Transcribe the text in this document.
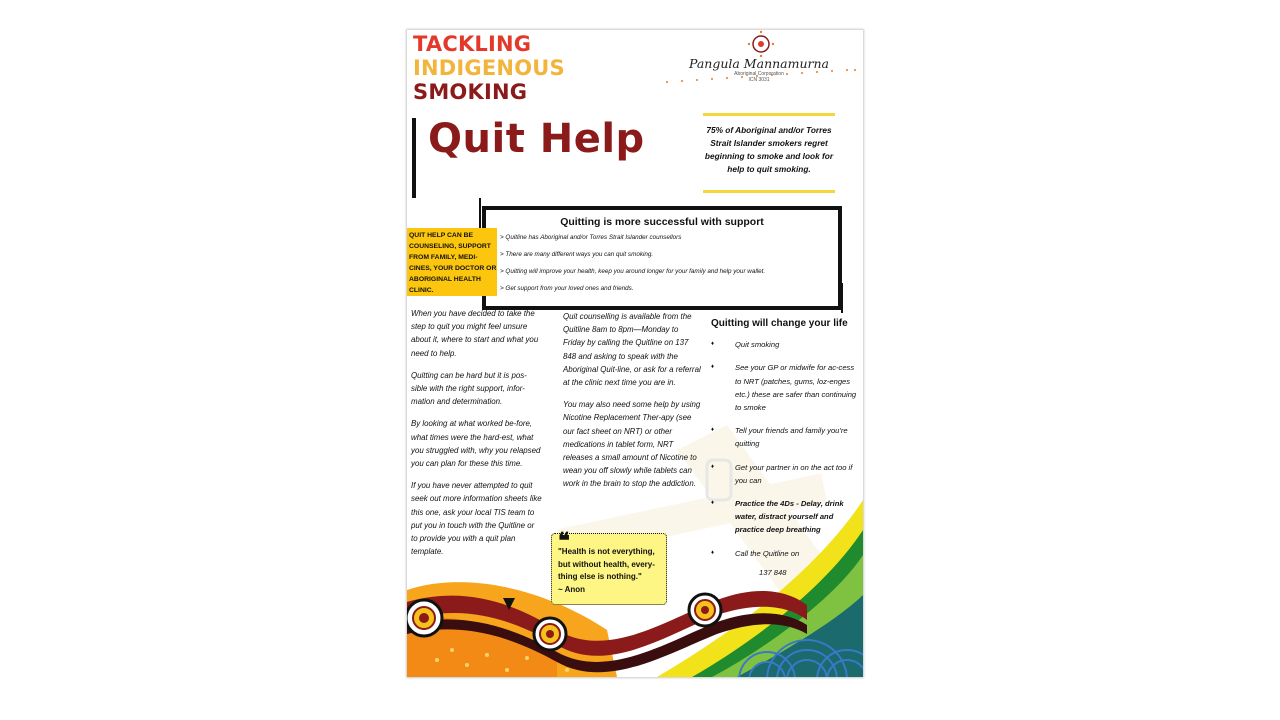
TACKLING
INDIGENOUS
SMOKING
Pangula Mannamurna
Aboriginal Corporation
ICN 3031
Quit Help	75% of Aboriginal and/or Torres Strait Islander smokers regret beginning to smoke and look for help to quit smoking.
Quitting is more successful with support
> Quitline has Aboriginal and/or Torres Strait Islander counsellors
> There are many different ways you can quit smoking.
> Quitting will improve your health, keep you around longer for your family and help your wallet.
> Get support from your loved ones and friends.
QUIT HELP CAN BE COUNSELING, SUPPORT FROM FAMILY, MEDI-CINES, YOUR DOCTOR OR ABORIGINAL HEALTH CLINIC.

When you have decided to take the step to quit you might feel unsure about it, where to start and what you need to help.

Quitting can be hard but it is pos-sible with the right support, infor-mation and determination.

By looking at what worked be-fore, what times were the hard-est, what you struggled with, why you relapsed you can plan for these this time.

If you have never attempted to quit seek out more information sheets like this one, ask your local TIS team to put you in touch with the Quitline or to provide you with a quit plan template.

Quit counselling is available from the Quitline 8am to 8pm—Monday to Friday by calling the Quitline on 137 848 and asking to speak with the Aboriginal Quit-line, or ask for a referral at the clinic next time you are in.

You may also need some help by using Nicotine Replacement Ther-apy (see our fact sheet on NRT) or other medications in tablet form, NRT releases a small amount of Nicotine to wean you off slowly while tablets can work in the brain to stop the addiction.

Quitting will change your life
♦	Quit smoking
♦	See your GP or midwife for ac-cess to NRT (patches, gums, loz-enges etc.) these are safer than continuing to smoke
♦	Tell your friends and family you're quitting
♦	Get your partner in on the act too if you can
♦	Practice the 4Ds - Delay, drink water, distract yourself and practice deep breathing
♦	Call the Quitline on
137 848
❝
"Health is not everything,
but without health, every-
thing else is nothing."
~ Anon
